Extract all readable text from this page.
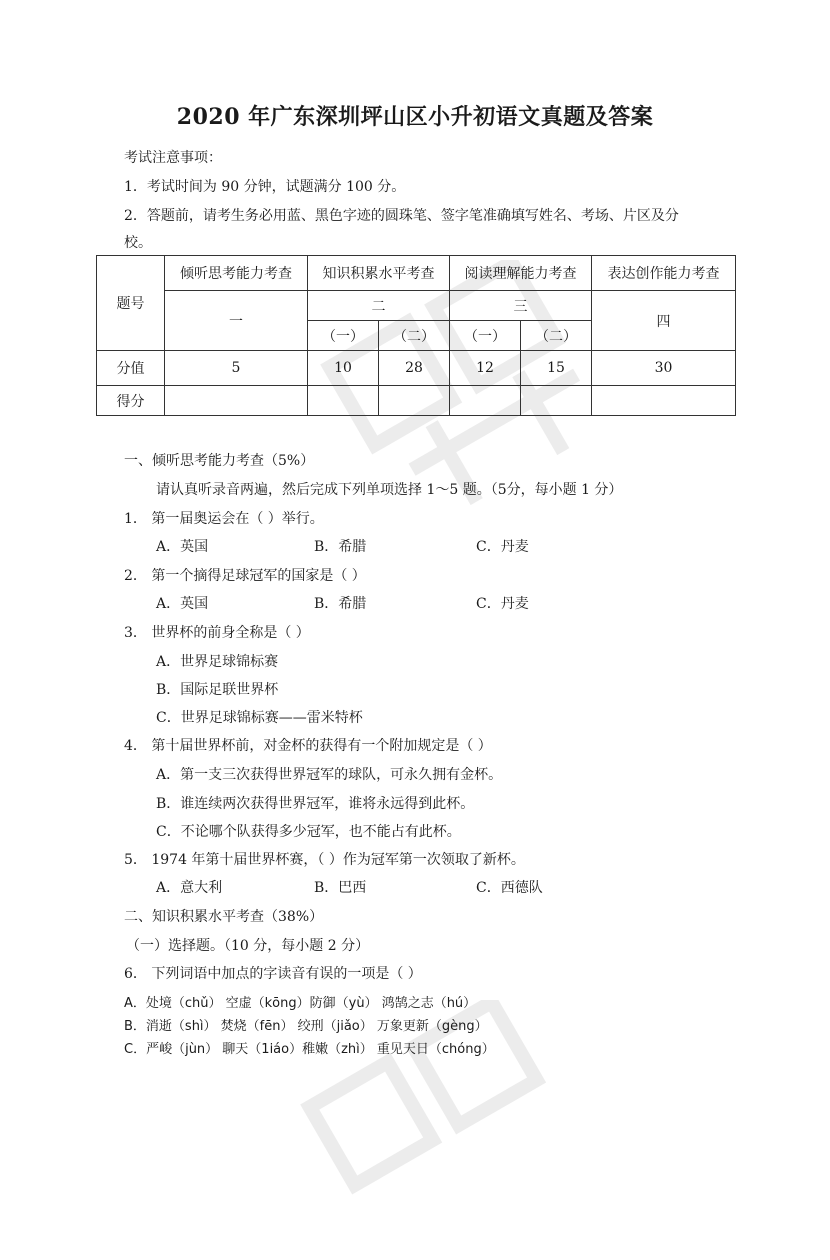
2020 年广东深圳坪山区小升初语文真题及答案
考试注意事项：
1．考试时间为 90 分钟，试题满分 100 分。
2．答题前，请考生务必用蓝、黑色字迹的圆珠笔、签字笔准确填写姓名、考场、片区及分
校。
题号	倾听思考能力考查	知识积累水平考查		阅读理解能力考查		表达创作能力考查
	一	二		三		四
		（一）	（二）	（一）	（二）	
分值	5	10	28	12	15	30
得分						
一、倾听思考能力考查（5%）
请认真听录音两遍，然后完成下列单项选择 1～5 题。（5分，每小题 1 分）
1． 第一届奥运会在（ ）举行。
A．英国	B．希腊	C．丹麦
2． 第一个摘得足球冠军的国家是（ ）
A．英国	B．希腊	C．丹麦
3． 世界杯的前身全称是（ ）
A．世界足球锦标赛
B．国际足联世界杯
C．世界足球锦标赛——雷米特杯
4． 第十届世界杯前，对金杯的获得有一个附加规定是（ ）
A．第一支三次获得世界冠军的球队，可永久拥有金杯。
B．谁连续两次获得世界冠军，谁将永远得到此杯。
C．不论哪个队获得多少冠军，也不能占有此杯。
5． 1974 年第十届世界杯赛，（ ）作为冠军第一次领取了新杯。
A．意大利	B．巴西	C．西德队
二、知识积累水平考查（38%）
（一）选择题。（10 分，每小题 2 分）
6． 下列词语中加点的字读音有误的一项是（ ）
A．处境（chǔ） 空虚（kōng）防御（yù） 鸿鹄之志（hú）
B．消逝（shì） 焚烧（fēn） 绞刑（jiǎo） 万象更新（gèng）
C．严峻（jùn） 聊天（1iáo）稚嫩（zhì） 重见天日（chóng）
